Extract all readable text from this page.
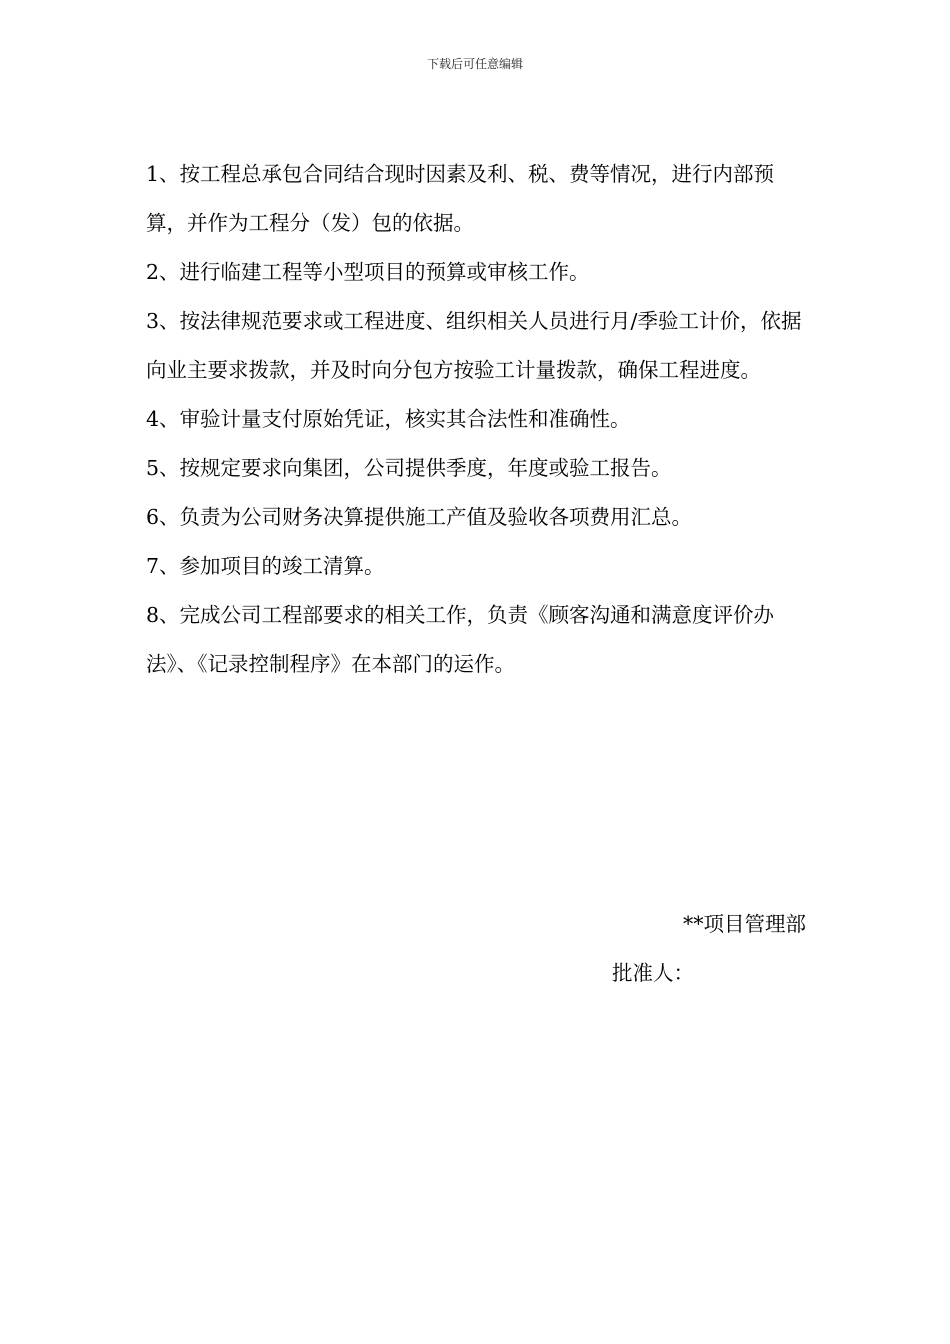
下载后可任意编辑

1、按工程总承包合同结合现时因素及利、税、费等情况，进行内部预算，并作为工程分（发）包的依据。

2、进行临建工程等小型项目的预算或审核工作。

3、按法律规范要求或工程进度、组织相关人员进行月/季验工计价，依据向业主要求拨款，并及时向分包方按验工计量拨款，确保工程进度。

4、审验计量支付原始凭证，核实其合法性和准确性。

5、按规定要求向集团，公司提供季度，年度或验工报告。

6、负责为公司财务决算提供施工产值及验收各项费用汇总。

7、参加项目的竣工清算。

8、完成公司工程部要求的相关工作，负责《顾客沟通和满意度评价办法》、《记录控制程序》在本部门的运作。

**项目管理部
批准人：
